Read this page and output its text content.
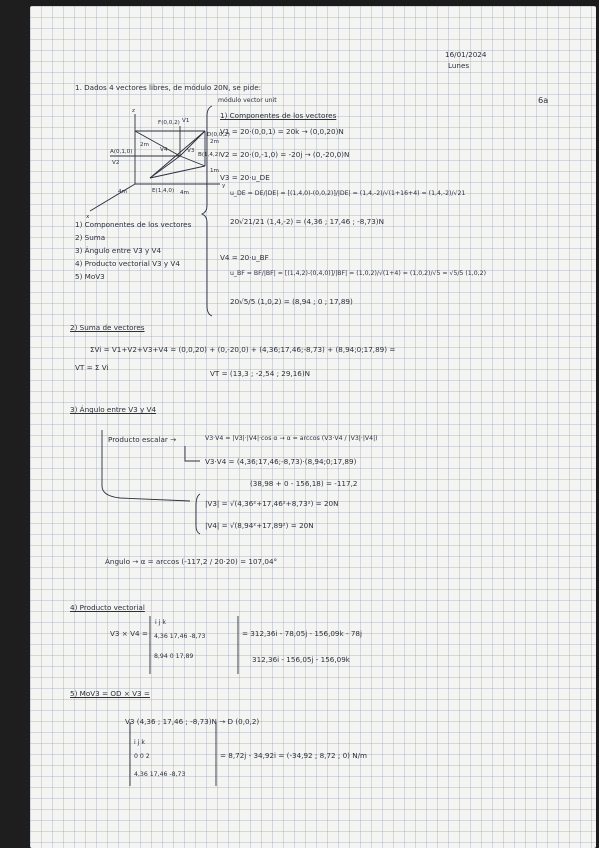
16/01/2024
Lunes
6a
1. Dados 4 vectores libres, de módulo 20N, se pide:
módulo vector unit
F(0,0,2)
A(0,1,0)
E(1,4,0)
D(0,0,2)
B(1,4,2)
V1
V2
V3
V4
2m
2m
1m
4m	4m
x
y
z
1) Componentes de los vectores
2) Suma
3) Ángulo entre V3 y V4
4) Producto vectorial V3 y V4
5) MoV3
1) Componentes de los vectores
V1 = 20·(0,0,1) = 20k → (0,0,20)N
V2 = 20·(0,-1,0) = -20j → (0,-20,0)N
V3 = 20·u_DE
u_DE = DE/|DE| = [(1,4,0)-(0,0,2)]/|DE| = (1,4,-2)/√(1+16+4) = (1,4,-2)/√21
20√21/21 (1,4,-2) = (4,36 ; 17,46 ; -8,73)N
V4 = 20·u_BF
u_BF = BF/|BF| = [(1,4,2)-(0,4,0)]/|BF| = (1,0,2)/√(1+4) = (1,0,2)/√5 = √5/5 (1,0,2)
20√5/5 (1,0,2) = (8,94 ; 0 ; 17,89)
2) Suma de vectores
ΣVi = V1+V2+V3+V4 = (0,0,20) + (0,-20,0) + (4,36;17,46;-8,73) + (8,94;0;17,89) =
VT = Σ Vi
VT = (13,3 ; -2,54 ; 29,16)N
3) Ángulo entre V3 y V4
Producto escalar →	V3·V4 = |V3|·|V4|·cos α → α = arccos (V3·V4 / |V3|·|V4|)
V3·V4 = (4,36;17,46;-8,73)·(8,94;0;17,89)
(38,98 + 0 - 156,18) = -117,2
|V3| = √(4,36²+17,46²+8,73²) = 20N
|V4| = √(8,94²+17,89²) = 20N
Ángulo → α = arccos (-117,2 / 20·20) = 107,04°
4) Producto vectorial
V3 × V4 =
i j k
4,36 17,46 -8,73
8,94 0 17,89
= 312,36i - 78,05j - 156,09k - 78j
312,36i - 156,05j - 156,09k
5) MoV3 = OD × V3 =
V3 (4,36 ; 17,46 ; -8,73)N → D (0,0,2)
i j k
0 0 2
4,36 17,46 -8,73
= 8,72j - 34,92i = (-34,92 ; 8,72 ; 0) N/m
